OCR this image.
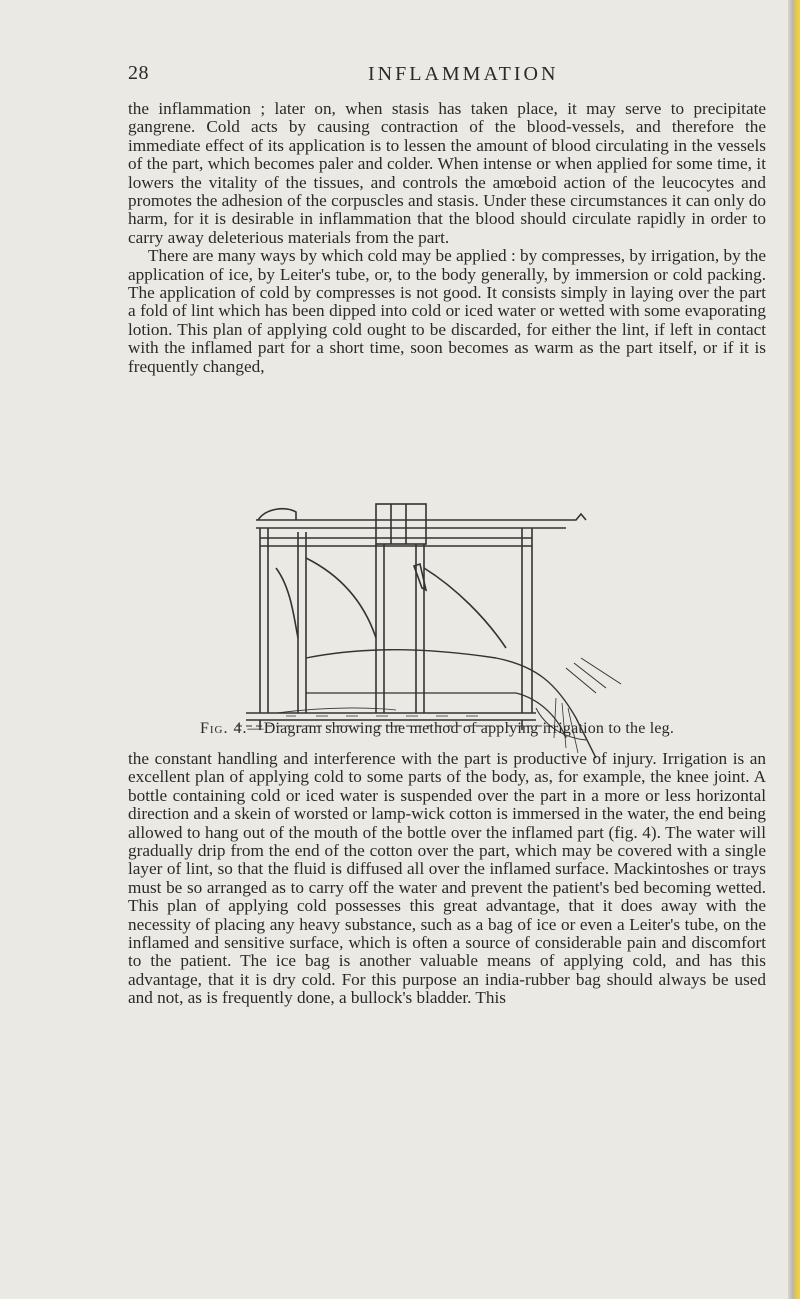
28	INFLAMMATION

the inflammation ; later on, when stasis has taken place, it may serve to precipitate gangrene. Cold acts by causing contraction of the blood-vessels, and therefore the immediate effect of its application is to lessen the amount of blood circulating in the vessels of the part, which becomes paler and colder. When intense or when applied for some time, it lowers the vitality of the tissues, and controls the amœboid action of the leucocytes and promotes the adhesion of the corpuscles and stasis. Under these circumstances it can only do harm, for it is desirable in inflammation that the blood should circulate rapidly in order to carry away deleterious materials from the part.

There are many ways by which cold may be applied : by compresses, by irrigation, by the application of ice, by Leiter's tube, or, to the body generally, by immersion or cold packing. The application of cold by compresses is not good. It consists simply in laying over the part a fold of lint which has been dipped into cold or iced water or wetted with some evaporating lotion. This plan of applying cold ought to be discarded, for either the lint, if left in contact with the inflamed part for a short time, soon becomes as warm as the part itself, or if it is frequently changed,

Fig. 4.—Diagram showing the method of applying irrigation to the leg.

the constant handling and interference with the part is productive of injury. Irrigation is an excellent plan of applying cold to some parts of the body, as, for example, the knee joint. A bottle containing cold or iced water is suspended over the part in a more or less horizontal direction and a skein of worsted or lamp-wick cotton is immersed in the water, the end being allowed to hang out of the mouth of the bottle over the inflamed part (fig. 4). The water will gradually drip from the end of the cotton over the part, which may be covered with a single layer of lint, so that the fluid is diffused all over the inflamed surface. Mackintoshes or trays must be so arranged as to carry off the water and prevent the patient's bed becoming wetted. This plan of applying cold possesses this great advantage, that it does away with the necessity of placing any heavy substance, such as a bag of ice or even a Leiter's tube, on the inflamed and sensitive surface, which is often a source of considerable pain and discomfort to the patient. The ice bag is another valuable means of applying cold, and has this advantage, that it is dry cold. For this purpose an india-rubber bag should always be used and not, as is frequently done, a bullock's bladder. This
